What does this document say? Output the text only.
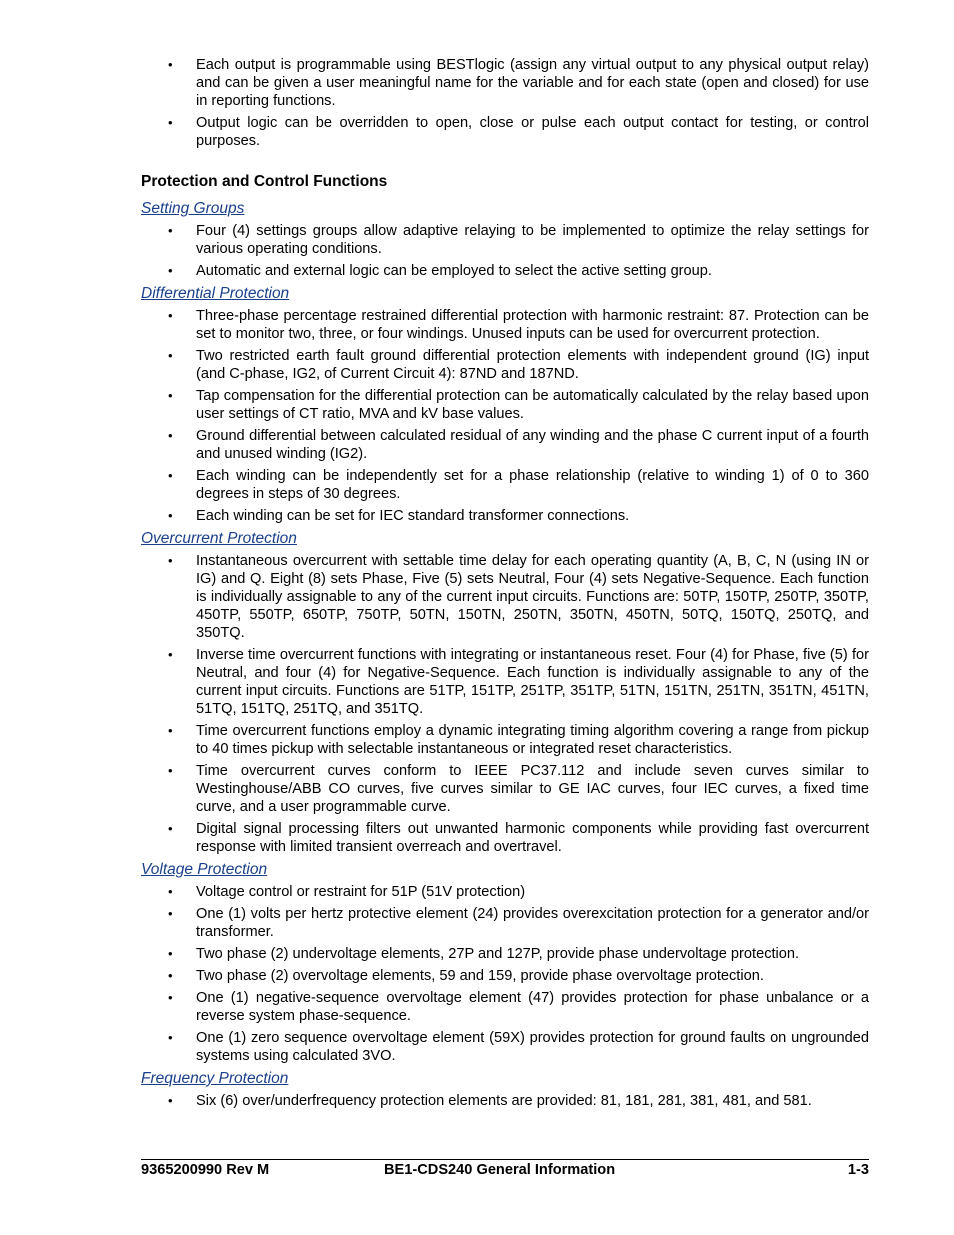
• Each output is programmable using BESTlogic (assign any virtual output to any physical output relay) and can be given a user meaningful name for the variable and for each state (open and closed) for use in reporting functions.
• Output logic can be overridden to open, close or pulse each output contact for testing, or control purposes.
Protection and Control Functions
Setting Groups
• Four (4) settings groups allow adaptive relaying to be implemented to optimize the relay settings for various operating conditions.
• Automatic and external logic can be employed to select the active setting group.
Differential Protection
• Three-phase percentage restrained differential protection with harmonic restraint: 87. Protection can be set to monitor two, three, or four windings. Unused inputs can be used for overcurrent protection.
• Two restricted earth fault ground differential protection elements with independent ground (IG) input (and C-phase, IG2, of Current Circuit 4): 87ND and 187ND.
• Tap compensation for the differential protection can be automatically calculated by the relay based upon user settings of CT ratio, MVA and kV base values.
• Ground differential between calculated residual of any winding and the phase C current input of a fourth and unused winding (IG2).
• Each winding can be independently set for a phase relationship (relative to winding 1) of 0 to 360 degrees in steps of 30 degrees.
• Each winding can be set for IEC standard transformer connections.
Overcurrent Protection
• Instantaneous overcurrent with settable time delay for each operating quantity (A, B, C, N (using IN or IG) and Q. Eight (8) sets Phase, Five (5) sets Neutral, Four (4) sets Negative-Sequence. Each function is individually assignable to any of the current input circuits. Functions are: 50TP, 150TP, 250TP, 350TP, 450TP, 550TP, 650TP, 750TP, 50TN, 150TN, 250TN, 350TN, 450TN, 50TQ, 150TQ, 250TQ, and 350TQ.
• Inverse time overcurrent functions with integrating or instantaneous reset. Four (4) for Phase, five (5) for Neutral, and four (4) for Negative-Sequence. Each function is individually assignable to any of the current input circuits. Functions are 51TP, 151TP, 251TP, 351TP, 51TN, 151TN, 251TN, 351TN, 451TN, 51TQ, 151TQ, 251TQ, and 351TQ.
• Time overcurrent functions employ a dynamic integrating timing algorithm covering a range from pickup to 40 times pickup with selectable instantaneous or integrated reset characteristics.
• Time overcurrent curves conform to IEEE PC37.112 and include seven curves similar to Westinghouse/ABB CO curves, five curves similar to GE IAC curves, four IEC curves, a fixed time curve, and a user programmable curve.
• Digital signal processing filters out unwanted harmonic components while providing fast overcurrent response with limited transient overreach and overtravel.
Voltage Protection
• Voltage control or restraint for 51P (51V protection)
• One (1) volts per hertz protective element (24) provides overexcitation protection for a generator and/or transformer.
• Two phase (2) undervoltage elements, 27P and 127P, provide phase undervoltage protection.
• Two phase (2) overvoltage elements, 59 and 159, provide phase overvoltage protection.
• One (1) negative-sequence overvoltage element (47) provides protection for phase unbalance or a reverse system phase-sequence.
• One (1) zero sequence overvoltage element (59X) provides protection for ground faults on ungrounded systems using calculated 3VO.
Frequency Protection
• Six (6) over/underfrequency protection elements are provided: 81, 181, 281, 381, 481, and 581.
9365200990 Rev M	BE1-CDS240 General Information	1-3
